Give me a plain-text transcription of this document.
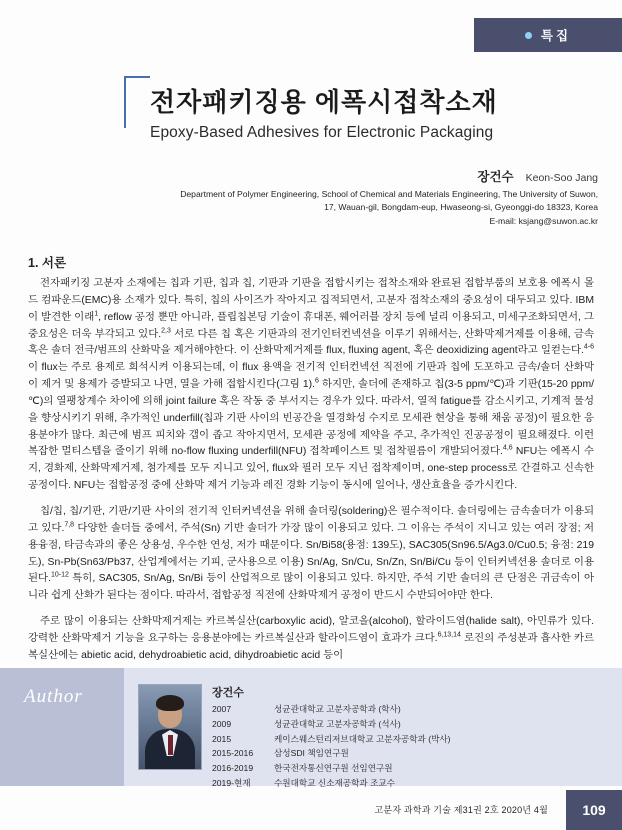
특집
전자패키징용 에폭시접착소재
Epoxy-Based Adhesives for Electronic Packaging
장건수 Keon-Soo Jang
Department of Polymer Engineering, School of Chemical and Materials Engineering, The University of Suwon,
17, Wauan-gil, Bongdam-eup, Hwaseong-si, Gyeonggi-do 18323, Korea
E-mail: ksjang@suwon.ac.kr
1. 서론

전자패키징 고분자 소재에는 칩과 기판, 칩과 칩, 기판과 기판을 접합시키는 접착소재와 완료된 접합부품의 보호용 에폭시 몰드 컴파운드(EMC)용 소재가 있다. 특히, 칩의 사이즈가 작아지고 집적되면서, 고분자 접착소재의 중요성이 대두되고 있다. IBM이 발견한 이래$^1$, reflow 공정 뿐만 아니라, 플립칩본딩 기술이 휴대폰, 웨어러블 장치 등에 널리 이용되고, 미세구조화되면서, 그 중요성은 더욱 부각되고 있다.$^{2,3}$ 서로 다른 칩 혹은 기판과의 전기인터컨넥션을 이루기 위해서는, 산화막제거제를 이용해, 금속 혹은 솔더 전극/범프의 산화막을 제거해야한다. 이 산화막제거제를 flux, fluxing agent, 혹은 deoxidizing agent라고 일컫는다.$^{4-6}$ 이 flux는 주로 용제로 희석시켜 이용되는데, 이 flux 용액을 전기적 인터컨넥션 직전에 기판과 칩에 도포하고 금속/솔더 산화막이 제거 및 용제가 증발되고 나면, 열을 가해 접합시킨다(그림 1).$^6$ 하지만, 솔더에 존재하고 칩(3-5 ppm/℃)과 기판(15-20 ppm/℃)의 열팽창계수 차이에 의해 joint failure 혹은 작동 중 부서지는 경우가 있다. 따라서, 열적 fatigue를 감소시키고, 기계적 물성을 향상시키기 위해, 추가적인 underfill(칩과 기판 사이의 빈공간을 열경화성 수지로 모세관 현상을 통해 채움 공정)이 필요한 응용분야가 많다. 최근에 범프 피치와 갭이 좁고 작아지면서, 모세관 공정에 제약을 주고, 추가적인 진공공정이 필요해졌다. 이런 복잡한 멀티스텝을 줄이기 위해 no-flow fluxing underfill(NFU) 접착페이스트 및 접착필름이 개발되어졌다.$^{4,6}$ NFU는 에폭시 수지, 경화제, 산화막제거제, 첨가제를 모두 지니고 있어, flux와 필러 모두 지닌 접착제이며, one-step process로 간결하고 신속한 공정이다. NFU는 접합공정 중에 산화막 제거 기능과 레진 경화 기능이 동시에 일어나, 생산효율을 증가시킨다.

칩/칩, 칩/기판, 기판/기판 사이의 전기적 인터커넥션을 위해 솔더링(soldering)은 필수적이다. 솔더링에는 금속솔더가 이용되고 있다.$^{7,8}$ 다양한 솔더들 중에서, 주석(Sn) 기반 솔더가 가장 많이 이용되고 있다. 그 이유는 주석이 지니고 있는 여러 장점; 저용융점, 타금속과의 좋은 상용성, 우수한 연성, 저가 때문이다. Sn/Bi58(용점: 139도), SAC305(Sn96.5/Ag3.0/Cu0.5; 융점: 219도), Sn-Pb(Sn63/Pb37, 산업계에서는 기피, 군사용으로 이용) Sn/Ag, Sn/Cu, Sn/Zn, Sn/Bi/Cu 등이 인터커넥션용 솔더로 이용된다.$^{10-12}$ 특히, SAC305, Sn/Ag, Sn/Bi 등이 산업적으로 많이 이용되고 있다. 하지만, 주석 기반 솔더의 큰 단점은 귀금속이 아니라 쉽게 산화가 된다는 점이다. 따라서, 접합공정 직전에 산화막제거 공정이 반드시 수반되어야만 한다.

주로 많이 이용되는 산화막제거제는 카르복실산(carboxylic acid), 알코올(alcohol), 할라이드염(halide salt), 아민류가 있다. 강력한 산화막제거 기능을 요구하는 응용분야에는 카르복실산과 할라이드염이 효과가 크다.$^{6,13,14}$ 로진의 주성분과 흡사한 카르복실산에는 abietic acid, dehydroabietic acid, dihydroabietic acid 등이

Author	장건수
2007	성균관대학교 고분자공학과 (학사)
2009	성균관대학교 고분자공학과 (석사)
2015	케이스웨스턴리저브대학교 고분자공학과 (박사)
2015-2016	삼성SDI 책임연구원
2016-2019	한국전자통신연구원 선임연구원
2019-현재	수원대학교 신소재공학과 조교수
고분자 과학과 기술 제31권 2호 2020년 4월	109
